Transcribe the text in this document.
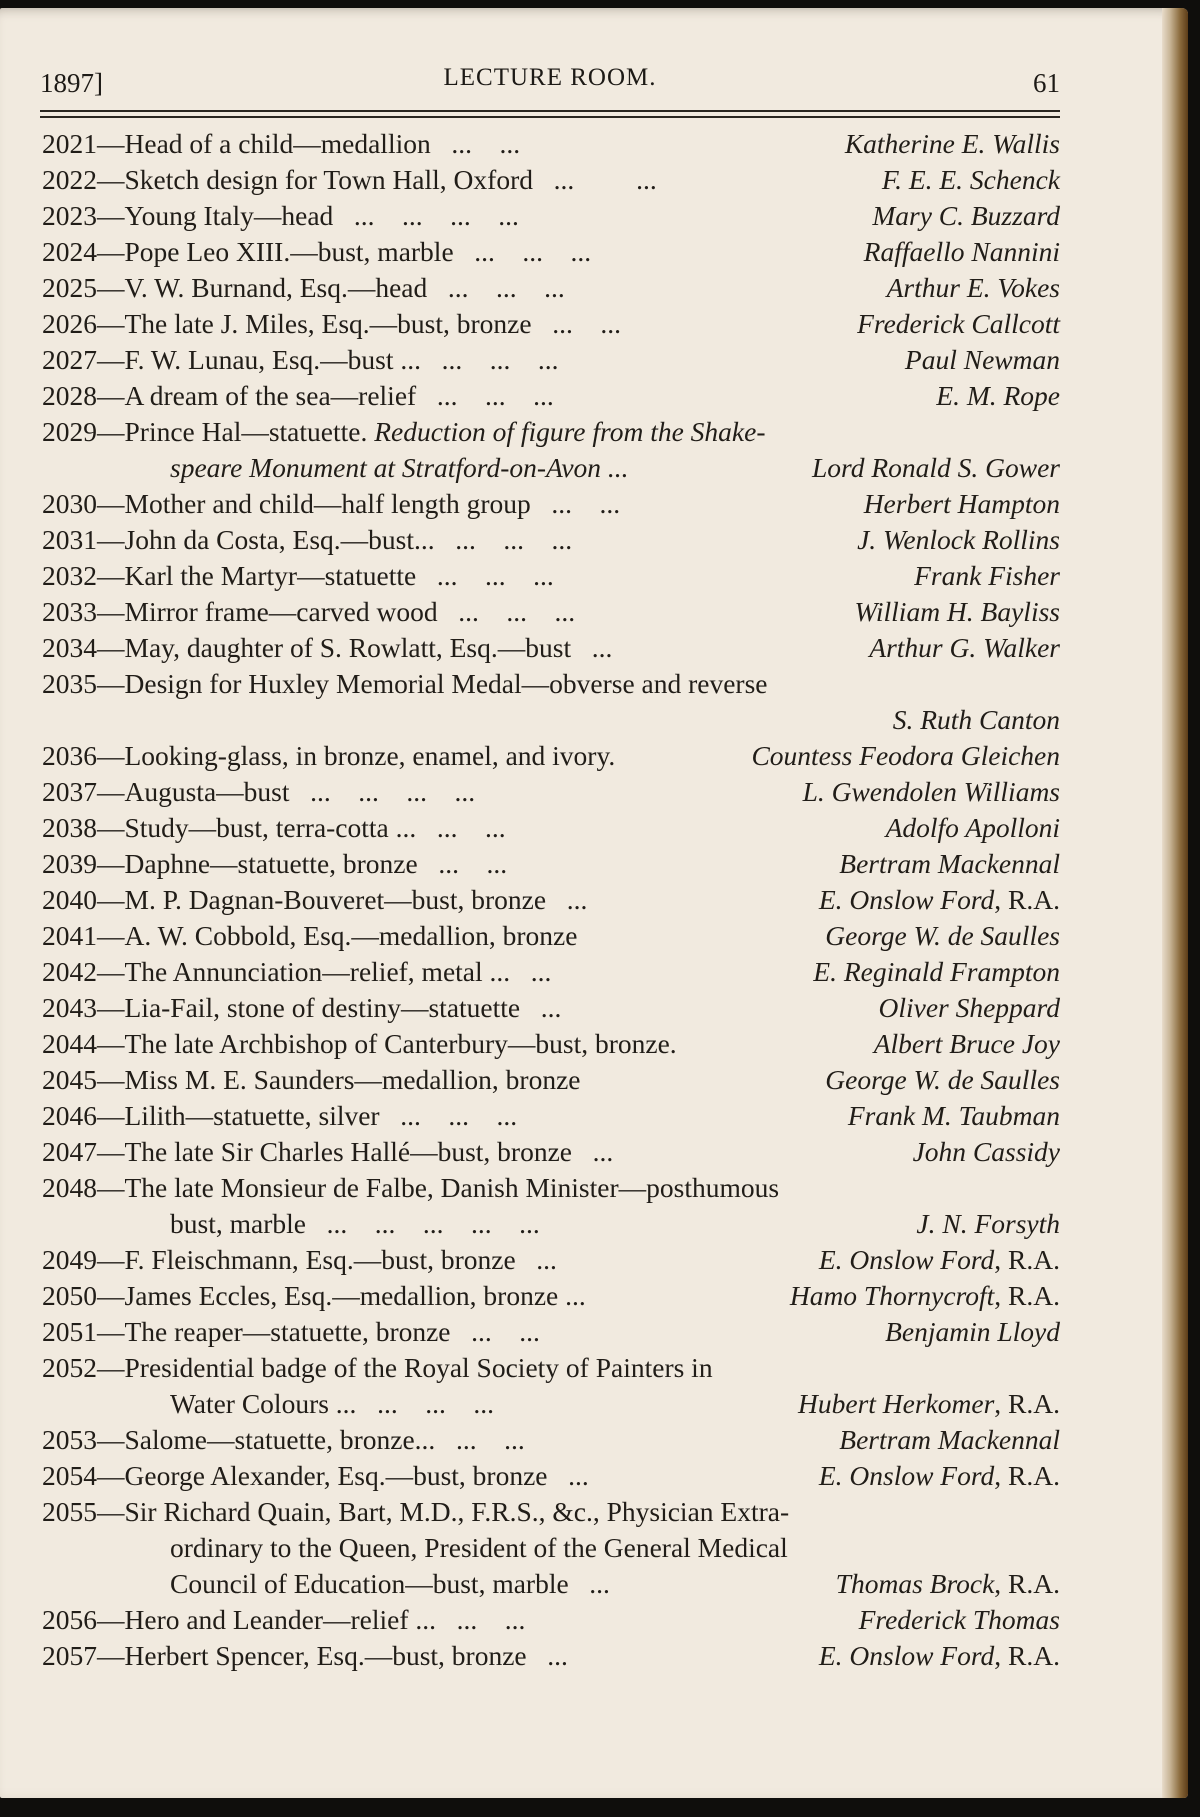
1897]	LECTURE ROOM.	61
2021—Head of a child—medallion   ...    ...	Katherine E. Wallis
2022—Sketch design for Town Hall, Oxford   ...         ...	F. E. E. Schenck
2023—Young Italy—head   ...    ...    ...    ...	Mary C. Buzzard
2024—Pope Leo XIII.—bust, marble   ...    ...    ...	Raffaello Nannini
2025—V. W. Burnand, Esq.—head   ...    ...    ...	Arthur E. Vokes
2026—The late J. Miles, Esq.—bust, bronze   ...    ...	Frederick Callcott
2027—F. W. Lunau, Esq.—bust ...   ...    ...    ...	Paul Newman
2028—A dream of the sea—relief   ...    ...    ...	E. M. Rope
2029—Prince Hal—statuette. Reduction of figure from the Shake-
speare Monument at Stratford-on-Avon ...	Lord Ronald S. Gower
2030—Mother and child—half length group   ...    ...	Herbert Hampton
2031—John da Costa, Esq.—bust...   ...    ...    ...	J. Wenlock Rollins
2032—Karl the Martyr—statuette   ...    ...    ...	Frank Fisher
2033—Mirror frame—carved wood   ...    ...    ...	William H. Bayliss
2034—May, daughter of S. Rowlatt, Esq.—bust   ...	Arthur G. Walker
2035—Design for Huxley Memorial Medal—obverse and reverse
S. Ruth Canton
2036—Looking-glass, in bronze, enamel, and ivory.	Countess Feodora Gleichen
2037—Augusta—bust   ...    ...    ...    ...	L. Gwendolen Williams
2038—Study—bust, terra-cotta ...   ...    ...	Adolfo Apolloni
2039—Daphne—statuette, bronze   ...    ...	Bertram Mackennal
2040—M. P. Dagnan-Bouveret—bust, bronze   ...	E. Onslow Ford, R.A.
2041—A. W. Cobbold, Esq.—medallion, bronze	George W. de Saulles
2042—The Annunciation—relief, metal ...   ...	E. Reginald Frampton
2043—Lia-Fail, stone of destiny—statuette   ...	Oliver Sheppard
2044—The late Archbishop of Canterbury—bust, bronze.	Albert Bruce Joy
2045—Miss M. E. Saunders—medallion, bronze	George W. de Saulles
2046—Lilith—statuette, silver   ...    ...    ...	Frank M. Taubman
2047—The late Sir Charles Hallé—bust, bronze   ...	John Cassidy
2048—The late Monsieur de Falbe, Danish Minister—posthumous
bust, marble   ...    ...    ...    ...    ...	J. N. Forsyth
2049—F. Fleischmann, Esq.—bust, bronze   ...	E. Onslow Ford, R.A.
2050—James Eccles, Esq.—medallion, bronze ...	Hamo Thornycroft, R.A.
2051—The reaper—statuette, bronze   ...    ...	Benjamin Lloyd
2052—Presidential badge of the Royal Society of Painters in
Water Colours ...   ...    ...    ...	Hubert Herkomer, R.A.
2053—Salome—statuette, bronze...   ...    ...	Bertram Mackennal
2054—George Alexander, Esq.—bust, bronze   ...	E. Onslow Ford, R.A.
2055—Sir Richard Quain, Bart, M.D., F.R.S., &c., Physician Extra-
ordinary to the Queen, President of the General Medical
Council of Education—bust, marble   ...	Thomas Brock, R.A.
2056—Hero and Leander—relief ...   ...    ...	Frederick Thomas
2057—Herbert Spencer, Esq.—bust, bronze   ...	E. Onslow Ford, R.A.
